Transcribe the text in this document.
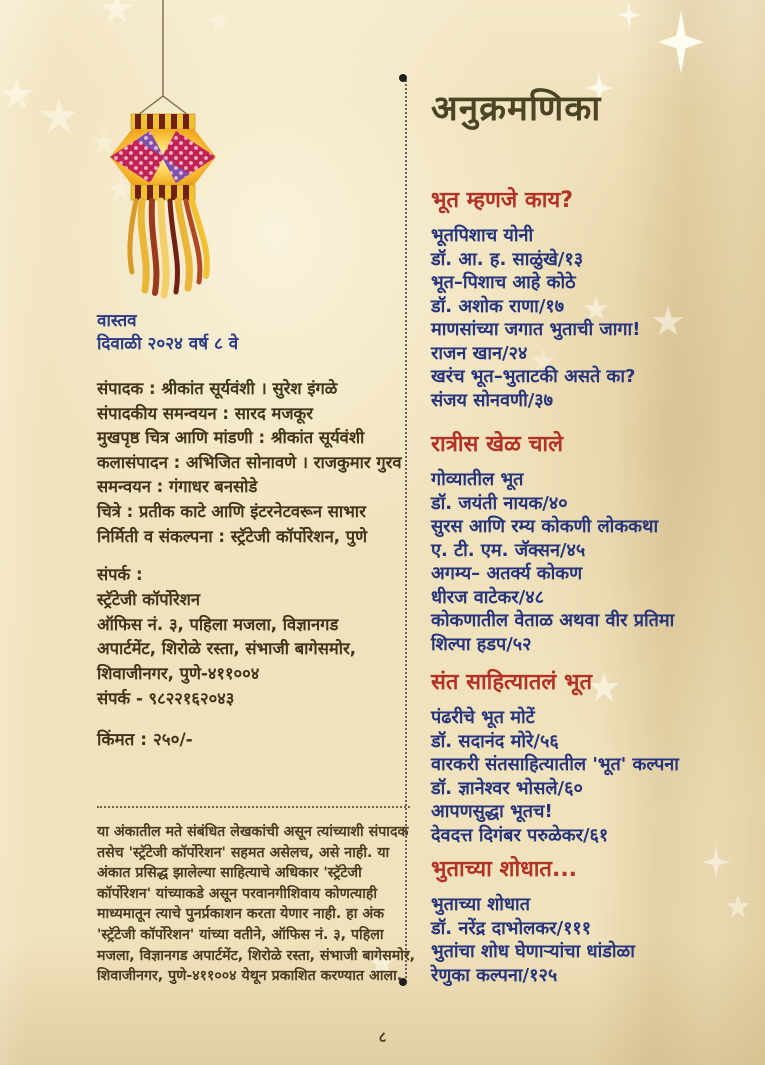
वास्तव
दिवाळी २०२४ वर्ष ८ वे
संपादक : श्रीकांत सूर्यवंशी । सुरेश इंगळे
संपादकीय समन्वयन : सारद मजकूर
मुखपृष्ठ चित्र आणि मांडणी : श्रीकांत सूर्यवंशी
कलासंपादन : अभिजित सोनावणे । राजकुमार गुरव
समन्वयन : गंगाधर बनसोडे
चित्रे : प्रतीक काटे आणि इंटरनेटवरून साभार
निर्मिती व संकल्पना : स्ट्रॅटेजी कॉर्पोरेशन, पुणे
संपर्क :
स्ट्रॅटेजी कॉर्पोरेशन
ऑफिस नं. ३, पहिला मजला, विज्ञानगड
अपार्टमेंट, शिरोळे रस्ता, संभाजी बागेसमोर,
शिवाजीनगर, पुणे-४११००४
संपर्क - ९८२२१६२०४३
किंमत : २५०/-
या अंकातील मते संबंधित लेखकांची असून त्यांच्याशी संपादक तसेच 'स्ट्रॅटेजी कॉर्पोरेशन' सहमत असेलच, असे नाही. या अंकात प्रसिद्ध झालेल्या साहित्याचे अधिकार 'स्ट्रॅटेजी कॉर्पोरेशन' यांच्याकडे असून परवानगीशिवाय कोणत्याही माध्यमातून त्याचे पुनर्प्रकाशन करता येणार नाही. हा अंक 'स्ट्रॅटेजी कॉर्पोरेशन' यांच्या वतीने, ऑफिस नं. ३, पहिला मजला, विज्ञानगड अपार्टमेंट, शिरोळे रस्ता, संभाजी बागेसमोर, शिवाजीनगर, पुणे-४११००४ येथून प्रकाशित करण्यात आला.
अनुक्रमणिका
भूत म्हणजे काय?
भूतपिशाच योनी
डॉ. आ. ह. साळुंखे/१३
भूत–पिशाच आहे कोठे
डॉ. अशोक राणा/१७
माणसांच्या जगात भुताची जागा!
राजन खान/२४
खरंच भूत–भुताटकी असते का?
संजय सोनवणी/३७
रात्रीस खेळ चाले
गोव्यातील भूत
डॉ. जयंती नायक/४०
सुरस आणि रम्य कोकणी लोककथा
ए. टी. एम. जॅक्सन/४५
अगम्य– अतर्क्य कोकण
धीरज वाटेकर/४८
कोकणातील वेताळ अथवा वीर प्रतिमा
शिल्पा हडप/५२
संत साहित्यातलं भूत
पंढरीचे भूत मोटें
डॉ. सदानंद मोरे/५६
वारकरी संतसाहित्यातील 'भूत' कल्पना
डॉ. ज्ञानेश्वर भोसले/६०
आपणसुद्धा भूतच!
देवदत्त दिगंबर परुळेकर/६१
भुताच्या शोधात...
भुताच्या शोधात
डॉ. नरेंद्र दाभोलकर/१११
भुतांचा शोध घेणाऱ्यांचा धांडोळा
रेणुका कल्पना/१२५
८
